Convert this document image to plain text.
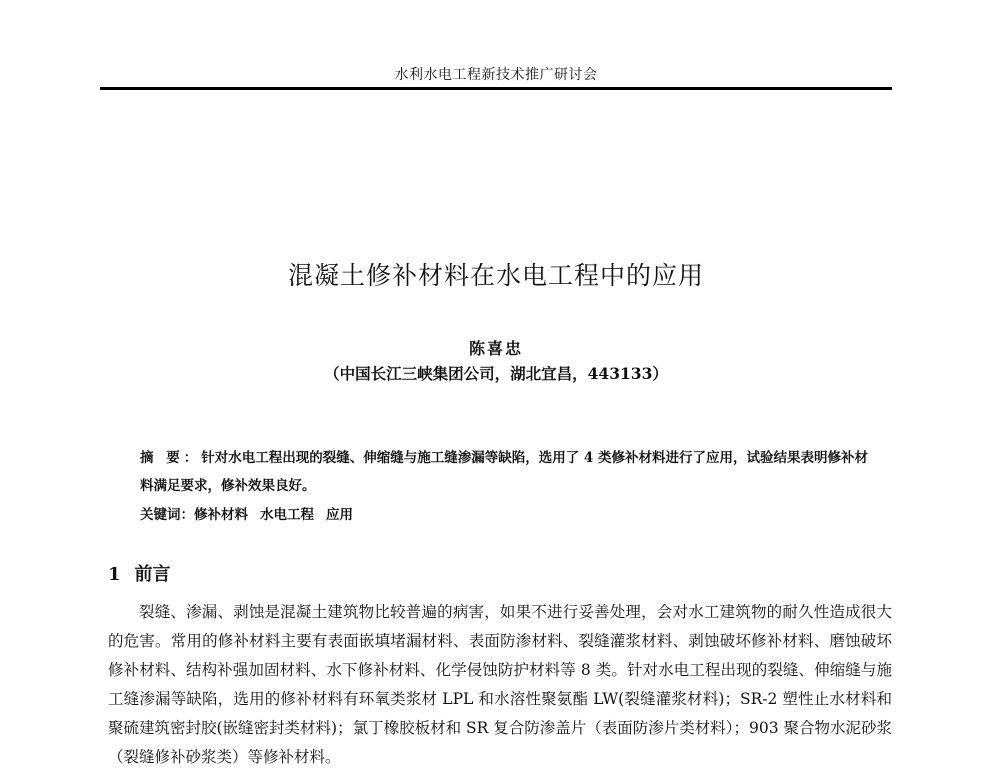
水利水电工程新技术推广研讨会
混凝土修补材料在水电工程中的应用
陈喜忠
（中国长江三峡集团公司，湖北宜昌，443133）
摘 要：针对水电工程出现的裂缝、伸缩缝与施工缝渗漏等缺陷，选用了 4 类修补材料进行了应用，试验结果表明修补材料满足要求，修补效果良好。
关键词：修补材料 水电工程 应用
1 前言
裂缝、渗漏、剥蚀是混凝土建筑物比较普遍的病害，如果不进行妥善处理，会对水工建筑物的耐久性造成很大的危害。常用的修补材料主要有表面嵌填堵漏材料、表面防渗材料、裂缝灌浆材料、剥蚀破坏修补材料、磨蚀破坏修补材料、结构补强加固材料、水下修补材料、化学侵蚀防护材料等 8 类。针对水电工程出现的裂缝、伸缩缝与施工缝渗漏等缺陷，选用的修补材料有环氧类浆材 LPL 和水溶性聚氨酯 LW(裂缝灌浆材料)；SR-2 塑性止水材料和聚硫建筑密封胶(嵌缝密封类材料)；氯丁橡胶板材和 SR 复合防渗盖片（表面防渗片类材料）；903 聚合物水泥砂浆（裂缝修补砂浆类）等修补材料。
